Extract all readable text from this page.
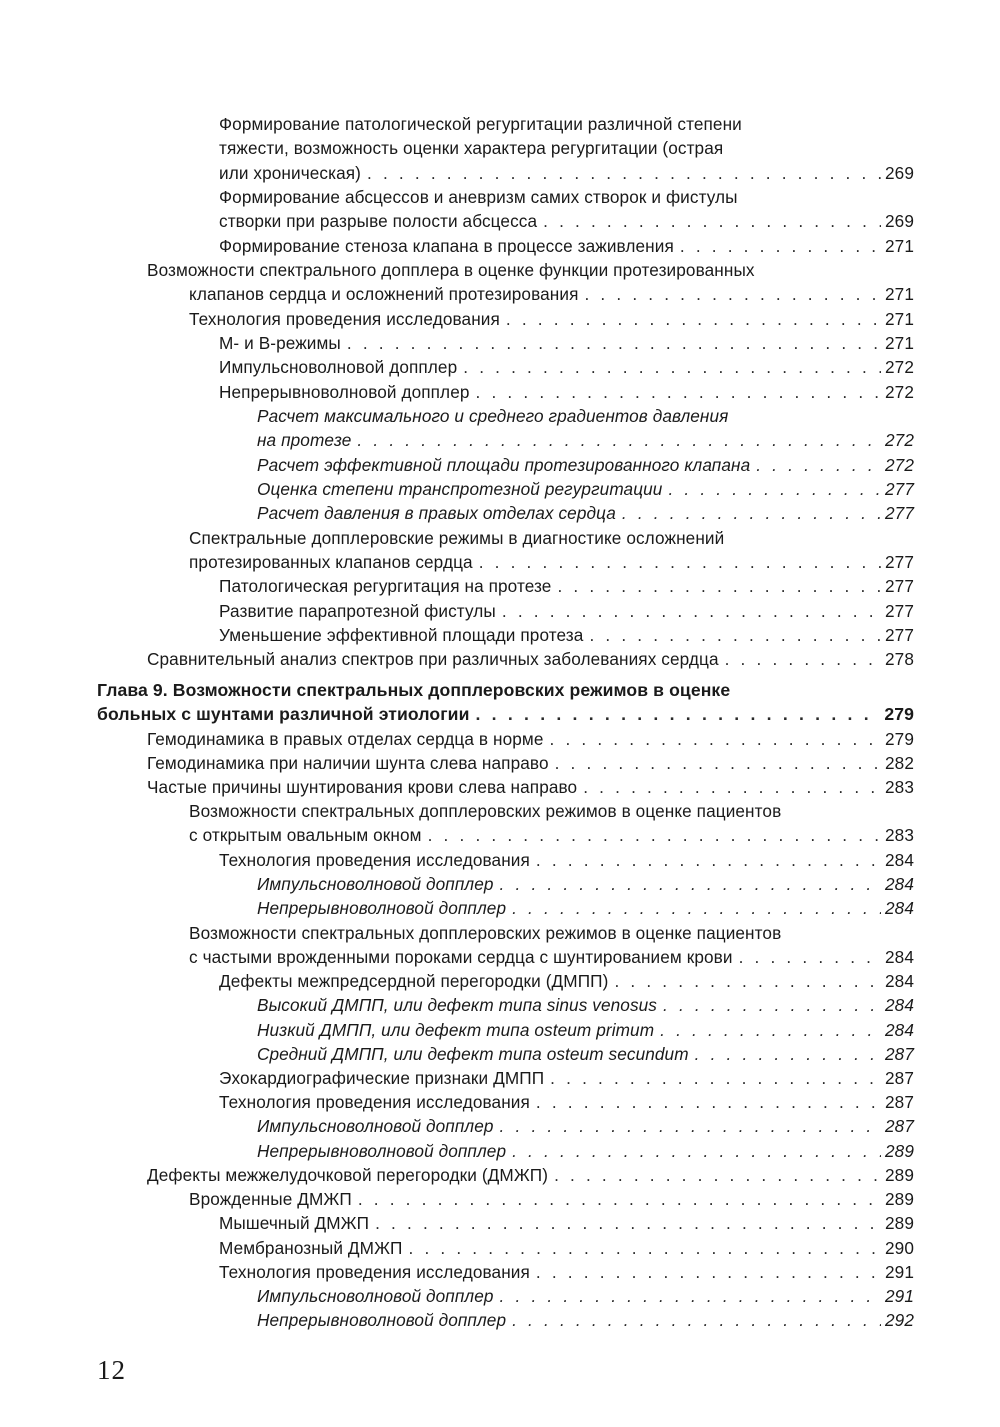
Формирование патологической регургитации различной степени
тяжести, возможность оценки характера регургитации (острая
или хроническая) . . .	269
Формирование абсцессов и аневризм самих створок и фистулы
створки при разрыве полости абсцесса . . .	269
Формирование стеноза клапана в процессе заживления . . .	271
Возможности спектрального допплера в оценке функции протезированных
клапанов сердца и осложнений протезирования . . .	271
Технология проведения исследования . . .	271
М- и В-режимы . . .	271
Импульсноволновой допплер . . .	272
Непрерывноволновой допплер . . .	272
Расчет максимального и среднего градиентов давления
на протезе . . .	272
Расчет эффективной площади протезированного клапана . . .	272
Оценка степени транспротезной регургитации . . .	277
Расчет давления в правых отделах сердца . . .	277
Спектральные допплеровские режимы в диагностике осложнений
протезированных клапанов сердца . . .	277
Патологическая регургитация на протезе . . .	277
Развитие парапротезной фистулы . . .	277
Уменьшение эффективной площади протеза . . .	277
Сравнительный анализ спектров при различных заболеваниях сердца . . .	278
Глава 9. Возможности спектральных допплеровских режимов в оценке
больных с шунтами различной этиологии . . .	279
Гемодинамика в правых отделах сердца в норме . . .	279
Гемодинамика при наличии шунта слева направо . . .	282
Частые причины шунтирования крови слева направо . . .	283
Возможности спектральных допплеровских режимов в оценке пациентов
с открытым овальным окном . . .	283
Технология проведения исследования . . .	284
Импульсноволновой допплер . . .	284
Непрерывноволновой допплер . . .	284
Возможности спектральных допплеровских режимов в оценке пациентов
с частыми врожденными пороками сердца с шунтированием крови . . .	284
Дефекты межпредсердной перегородки (ДМПП) . . .	284
Высокий ДМПП, или дефект типа sinus venosus . . .	284
Низкий ДМПП, или дефект типа osteum primum . . .	284
Средний ДМПП, или дефект типа osteum secundum . . .	287
Эхокардиографические признаки ДМПП . . .	287
Технология проведения исследования . . .	287
Импульсноволновой допплер . . .	287
Непрерывноволновой допплер . . .	289
Дефекты межжелудочковой перегородки (ДМЖП) . . .	289
Врожденные ДМЖП . . .	289
Мышечный ДМЖП . . .	289
Мембранозный ДМЖП . . .	290
Технология проведения исследования . . .	291
Импульсноволновой допплер . . .	291
Непрерывноволновой допплер . . .	292
12
